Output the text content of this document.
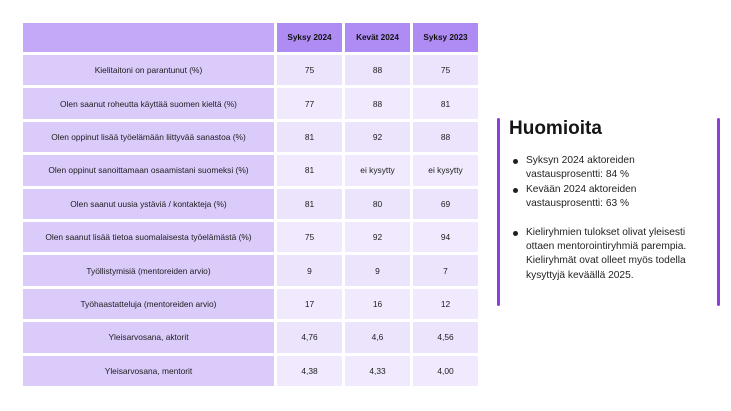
	Syksy 2024	Kevät 2024	Syksy 2023
Kielitaitoni on parantunut (%)	75	88	75
Olen saanut roheutta käyttää suomen kieltä (%)	77	88	81
Olen oppinut lisää työelämään liittyvää sanastoa (%)	81	92	88
Olen oppinut sanoittamaan osaamistani suomeksi (%)	81	ei kysytty	ei kysytty
Olen saanut uusia ystäviä / kontakteja (%)	81	80	69
Olen saanut lisää tietoa suomalaisesta työelämästä (%)	75	92	94
Työllistymisiä (mentoreiden arvio)	9	9	7
Työhaastatteluja (mentoreiden arvio)	17	16	12
Yleisarvosana, aktorit	4,76	4,6	4,56
Yleisarvosana, mentorit	4,38	4,33	4,00
Huomioita
Syksyn 2024 aktoreiden vastausprosentti: 84 %
Kevään 2024 aktoreiden vastausprosentti: 63 %
Kieliryhmien tulokset olivat yleisesti ottaen mentorointiryhmiä parempia. Kieliryhmät ovat olleet myös todella kysyttyjä keväällä 2025.
